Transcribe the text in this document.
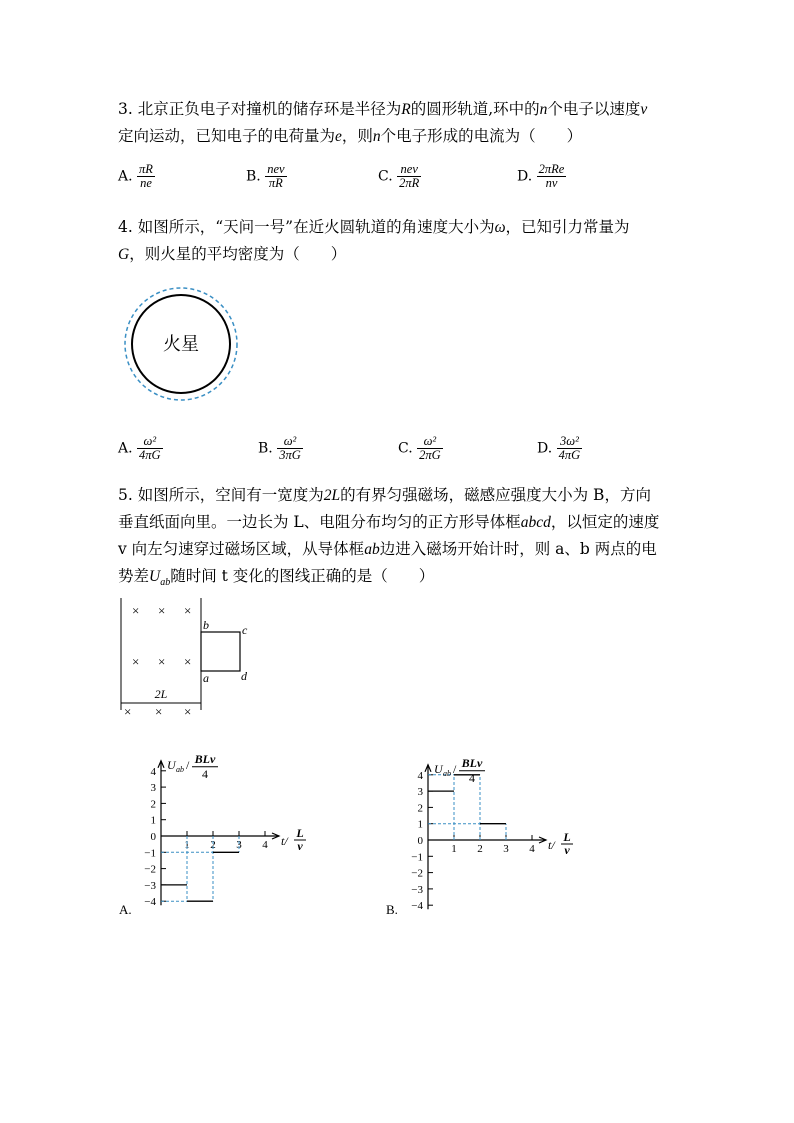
3. 北京正负电子对撞机的储存环是半径为R的圆形轨道,环中的n个电子以速度v
定向运动，已知电子的电荷量为e，则n个电子形成的电流为（　　）
A. $\frac{\pi R}{ne}$	B. $\frac{\text{nev}}{\pi R}$	C. $\frac{\text{nev}}{2\pi R}$	D. $\frac{\text{2πRe}}{nv}$
4. 如图所示，“天问一号”在近火圆轨道的角速度大小为ω，已知引力常量为
G，则火星的平均密度为（　　）
火星
A. $\frac{\text{ω²}}{4\pi G}$	B. $\frac{\text{ω²}}{3\pi G}$	C. $\frac{\text{ω²}}{2\pi G}$	D. $\frac{\text{3ω²}}{4\pi G}$
5. 如图所示，空间有一宽度为2L的有界匀强磁场，磁感应强度大小为 B，方向
垂直纸面向里。一边长为 L、电阻分布均匀的正方形导体框abcd，以恒定的速度
v 向左匀速穿过磁场区域，从导体框ab边进入磁场开始计时，则 a、b 两点的电
势差$U_{ab}$随时间 t 变化的图线正确的是（　　）
× × ×
× × ×
× × ×
b	c
a	d
2L
4
3
2
1
0
−1
−2
−3
−4
1 2 3 4
U ab / BLv
4
t/
L
v
A.
4
3
2
1
0
−1
−2
−3
−4
1 2 3 4
U ab / BLv
4
t/
L
v
B.
